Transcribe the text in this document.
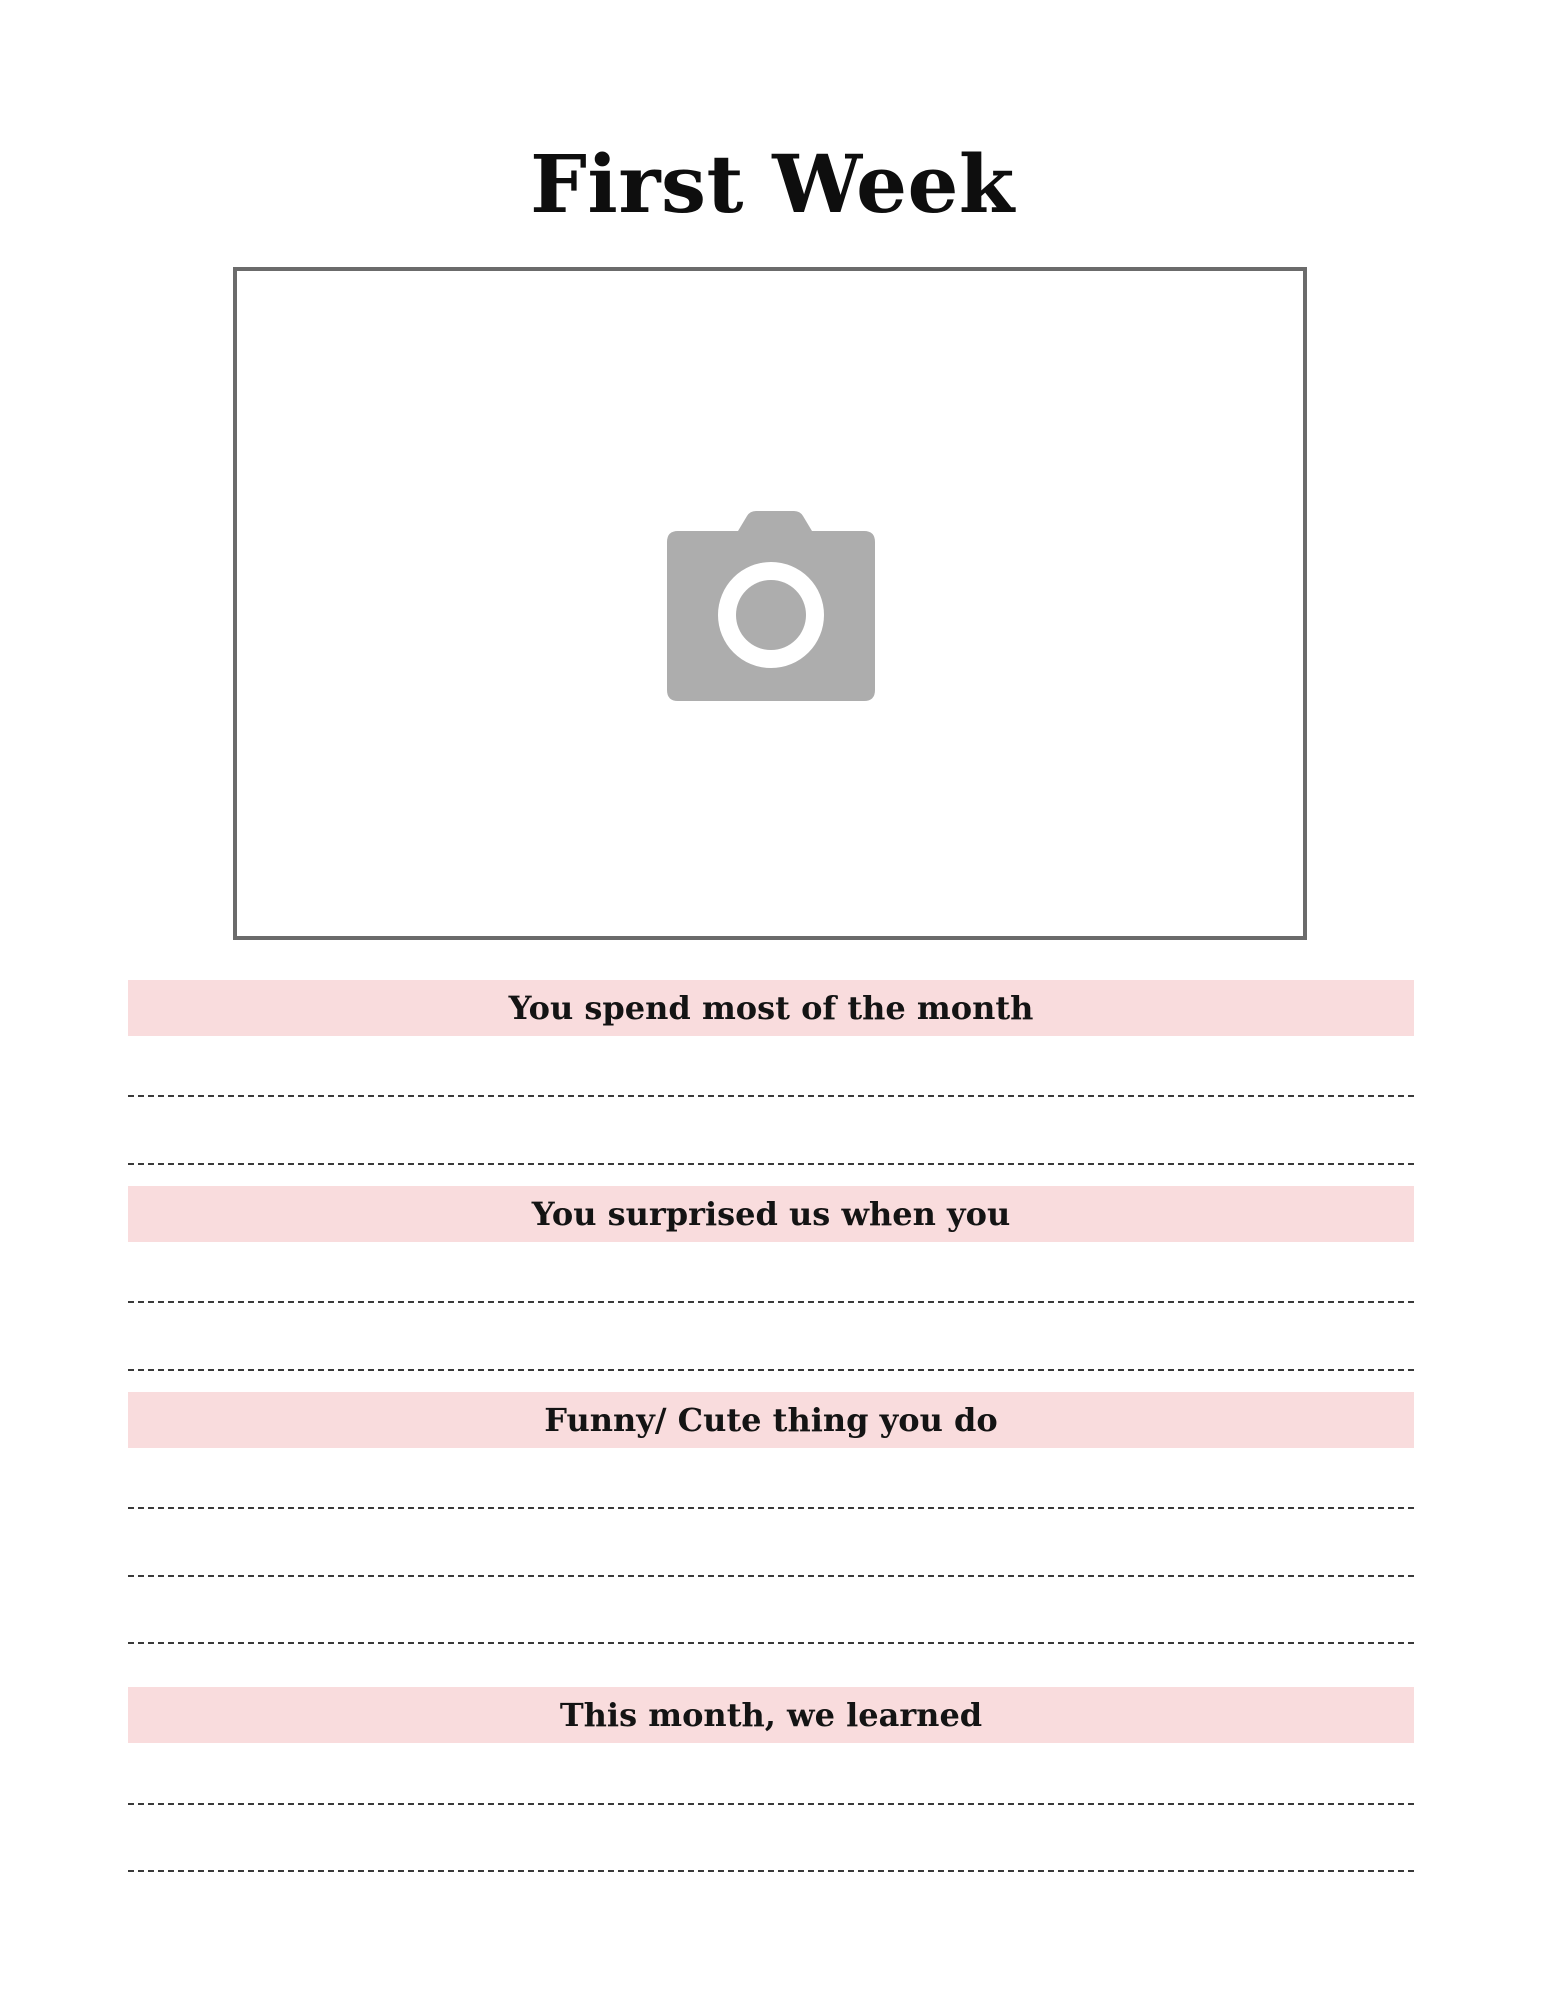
First Week
You spend most of the month
You surprised us when you
Funny/ Cute thing you do
This month, we learned
